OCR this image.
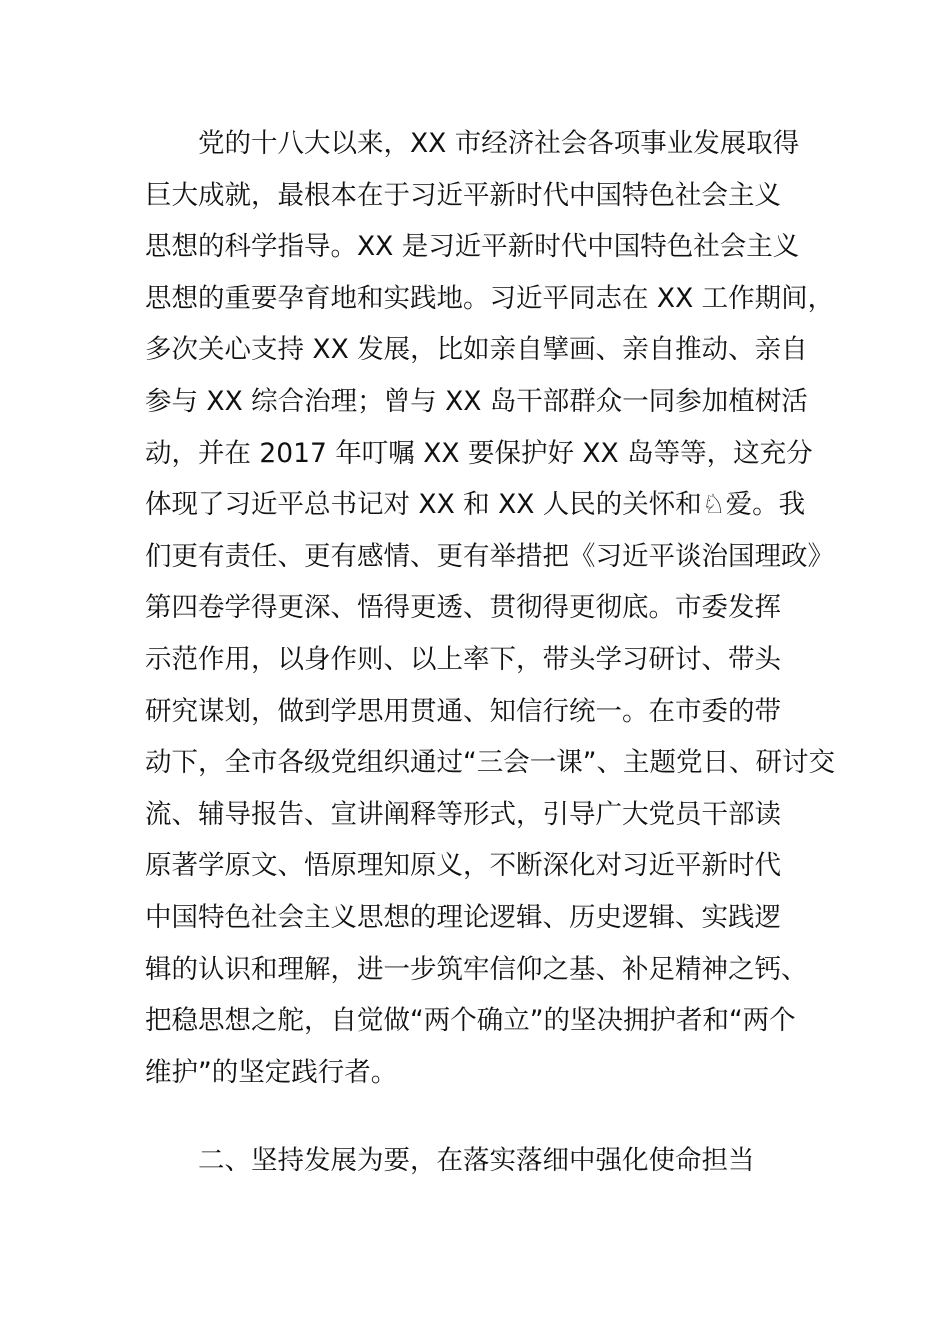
党的十八大以来，XX 市经济社会各项事业发展取得
巨大成就，最根本在于习近平新时代中国特色社会主义
思想的科学指导。XX 是习近平新时代中国特色社会主义
思想的重要孕育地和实践地。习近平同志在 XX 工作期间，
多次关心支持 XX 发展，比如亲自擘画、亲自推动、亲自
参与 XX 综合治理；曾与 XX 岛干部群众一同参加植树活
动，并在 2017 年叮嘱 XX 要保护好 XX 岛等等，这充分
体现了习近平总书记对 XX 和 XX 人民的关怀和♘爱。我
们更有责任、更有感情、更有举措把《习近平谈治国理政》
第四卷学得更深、悟得更透、贯彻得更彻底。市委发挥
示范作用，以身作则、以上率下，带头学习研讨、带头
研究谋划，做到学思用贯通、知信行统一。在市委的带
动下，全市各级党组织通过“三会一课”、主题党日、研讨交
流、辅导报告、宣讲阐释等形式，引导广大党员干部读
原著学原文、悟原理知原义，不断深化对习近平新时代
中国特色社会主义思想的理论逻辑、历史逻辑、实践逻
辑的认识和理解，进一步筑牢信仰之基、补足精神之钙、
把稳思想之舵，自觉做“两个确立”的坚决拥护者和“两个
维护”的坚定践行者。
二、坚持发展为要，在落实落细中强化使命担当
